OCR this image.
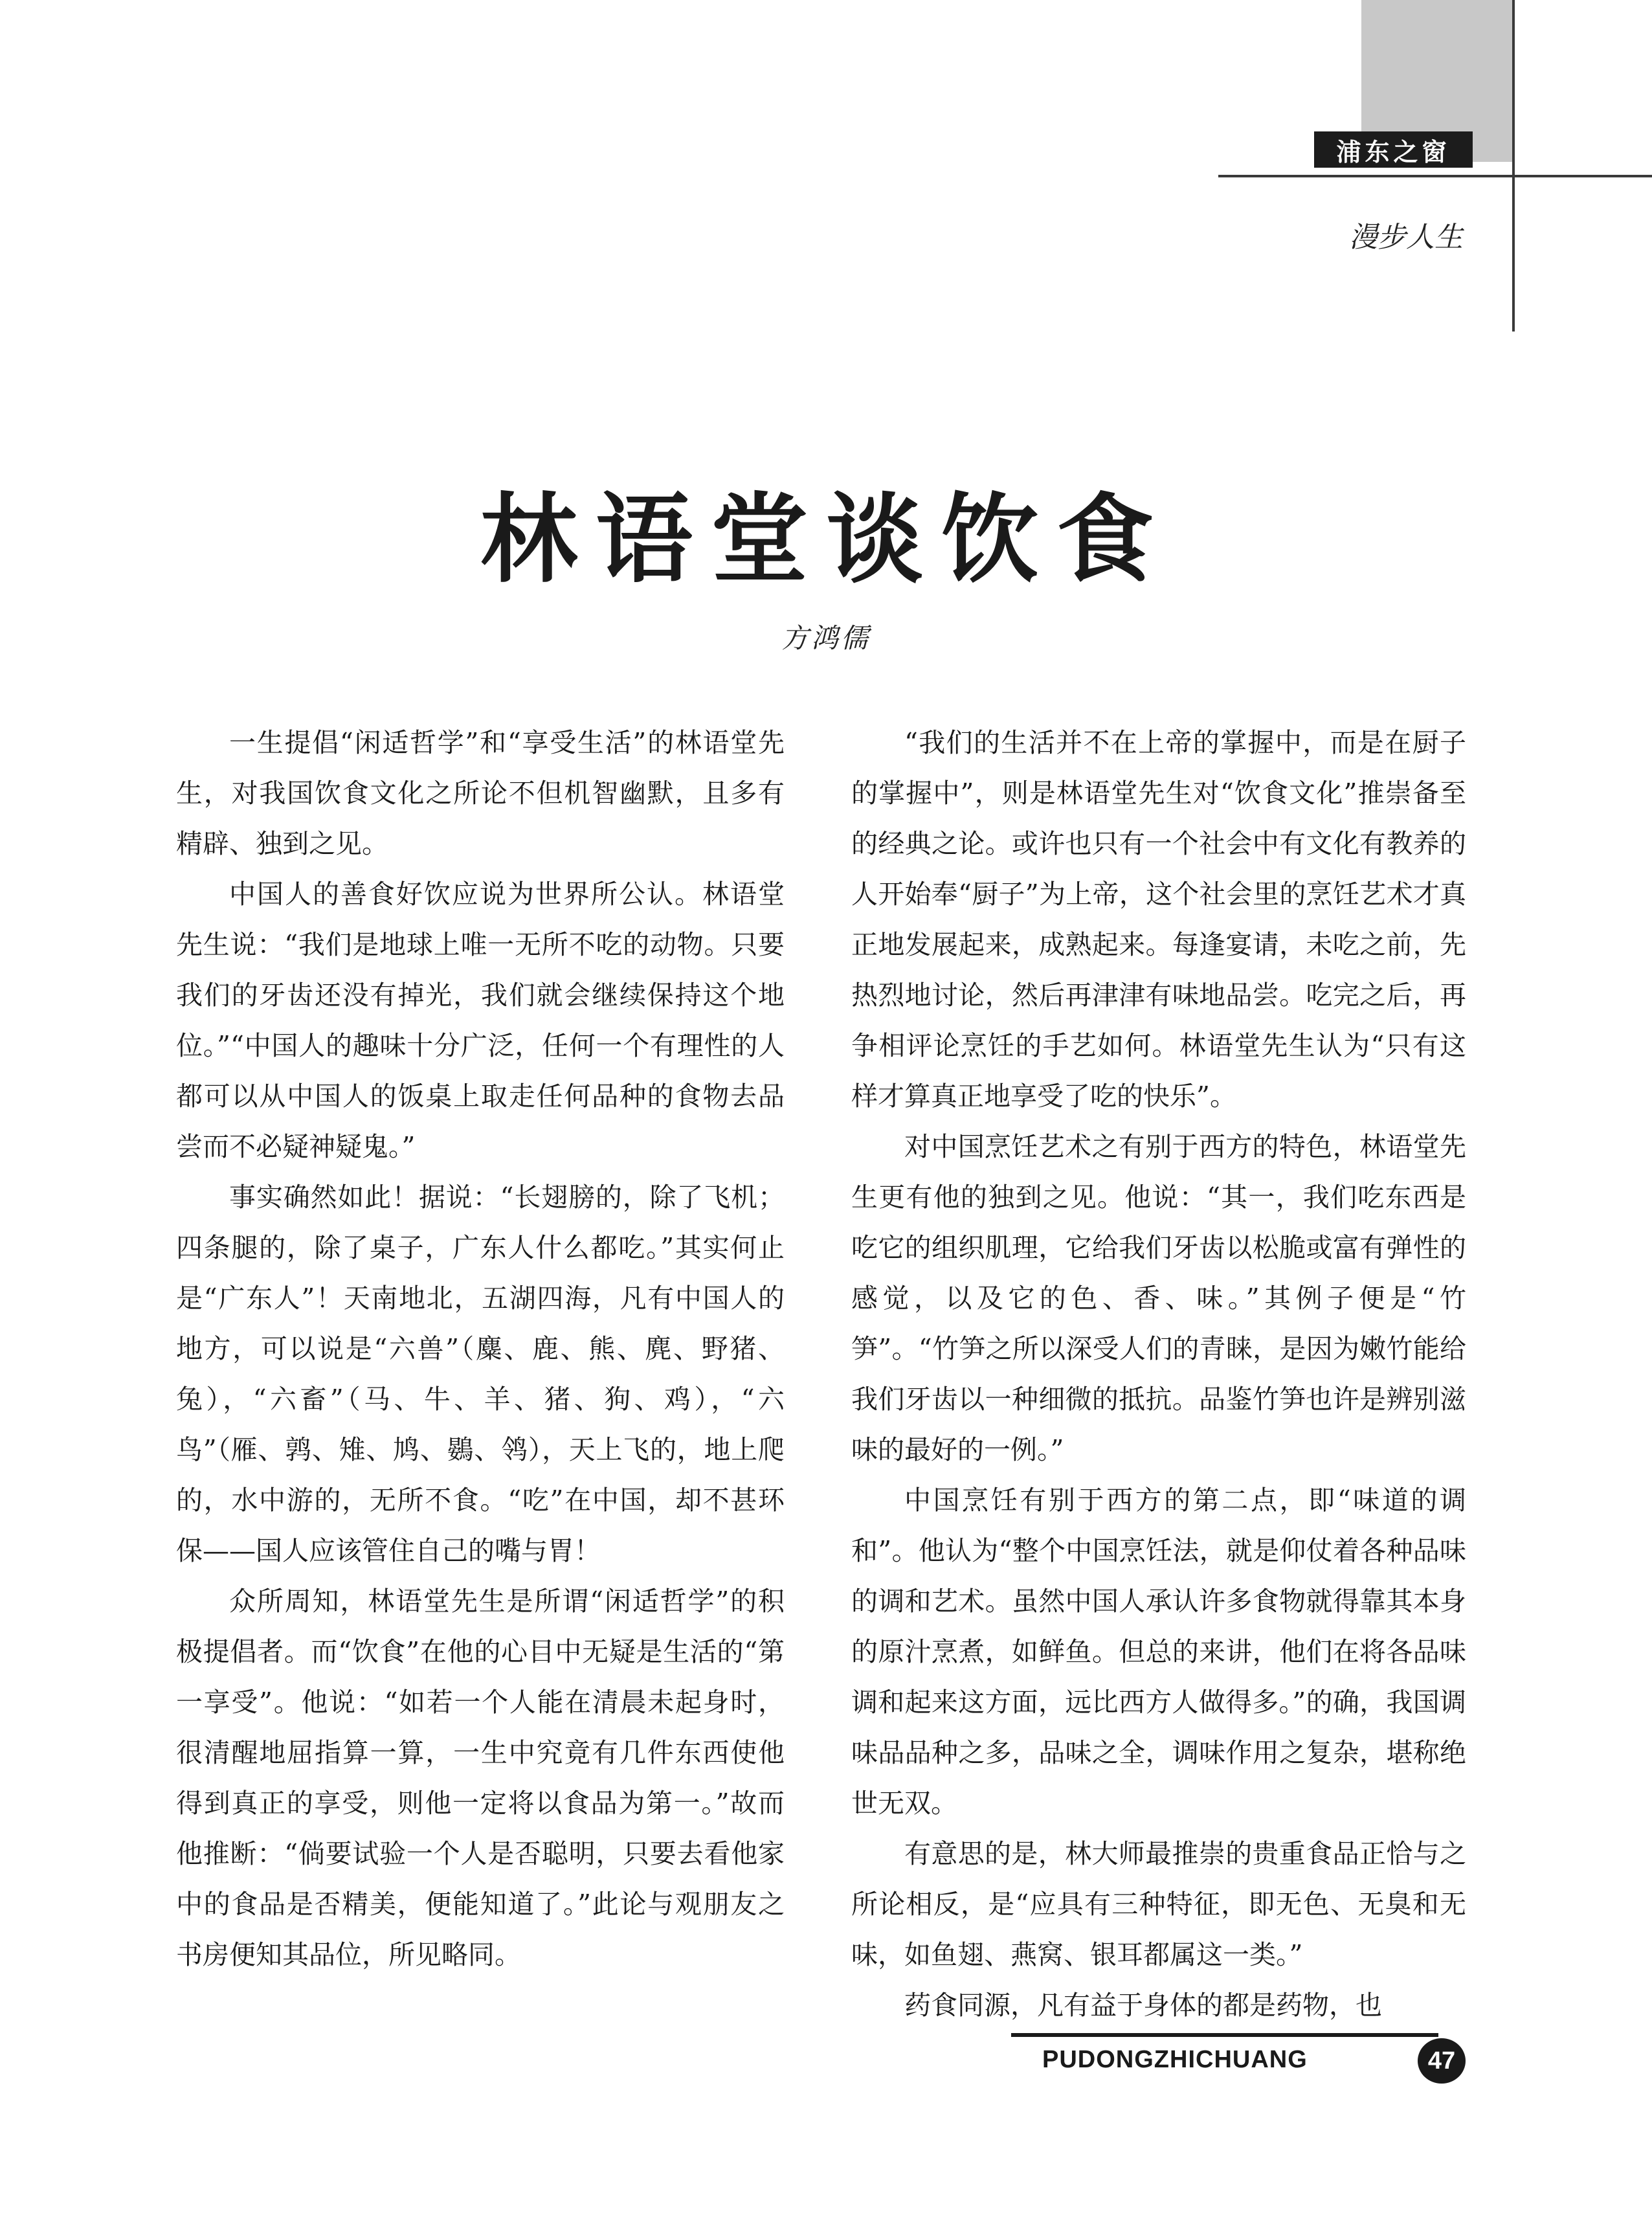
浦东之窗
漫步人生
林语堂谈饮食
方鸿儒

一生提倡“闲适哲学”和“享受生活”的林语堂先生，对我国饮食文化之所论不但机智幽默，且多有精辟、独到之见。

中国人的善食好饮应说为世界所公认。林语堂先生说：“我们是地球上唯一无所不吃的动物。只要我们的牙齿还没有掉光，我们就会继续保持这个地位。”“中国人的趣味十分广泛，任何一个有理性的人都可以从中国人的饭桌上取走任何品种的食物去品尝而不必疑神疑鬼。”

事实确然如此！据说：“长翅膀的，除了飞机；四条腿的，除了桌子，广东人什么都吃。”其实何止是“广东人”！天南地北，五湖四海，凡有中国人的地方，可以说是“六兽”（麋、鹿、熊、麂、野猪、兔），“六畜”（马、牛、羊、猪、狗、鸡），“六鸟”（雁、鹑、雉、鸠、鷃、鸰），天上飞的，地上爬的，水中游的，无所不食。“吃”在中国，却不甚环保——国人应该管住自己的嘴与胃！

众所周知，林语堂先生是所谓“闲适哲学”的积极提倡者。而“饮食”在他的心目中无疑是生活的“第一享受”。他说：“如若一个人能在清晨未起身时，很清醒地屈指算一算，一生中究竟有几件东西使他得到真正的享受，则他一定将以食品为第一。”故而他推断：“倘要试验一个人是否聪明，只要去看他家中的食品是否精美，便能知道了。”此论与观朋友之书房便知其品位，所见略同。

“我们的生活并不在上帝的掌握中，而是在厨子的掌握中”，则是林语堂先生对“饮食文化”推崇备至的经典之论。或许也只有一个社会中有文化有教养的人开始奉“厨子”为上帝，这个社会里的烹饪艺术才真正地发展起来，成熟起来。每逢宴请，未吃之前，先热烈地讨论，然后再津津有味地品尝。吃完之后，再争相评论烹饪的手艺如何。林语堂先生认为“只有这样才算真正地享受了吃的快乐”。

对中国烹饪艺术之有别于西方的特色，林语堂先生更有他的独到之见。他说：“其一，我们吃东西是吃它的组织肌理，它给我们牙齿以松脆或富有弹性的感觉，以及它的色、香、味。”其例子便是“竹笋”。“竹笋之所以深受人们的青睐，是因为嫩竹能给我们牙齿以一种细微的抵抗。品鉴竹笋也许是辨别滋味的最好的一例。”

中国烹饪有别于西方的第二点，即“味道的调和”。他认为“整个中国烹饪法，就是仰仗着各种品味的调和艺术。虽然中国人承认许多食物就得靠其本身的原汁烹煮，如鲜鱼。但总的来讲，他们在将各品味调和起来这方面，远比西方人做得多。”的确，我国调味品品种之多，品味之全，调味作用之复杂，堪称绝世无双。

有意思的是，林大师最推崇的贵重食品正恰与之所论相反，是“应具有三种特征，即无色、无臭和无味，如鱼翅、燕窝、银耳都属这一类。”

药食同源，凡有益于身体的都是药物，也

PUDONGZHICHUANG	47
